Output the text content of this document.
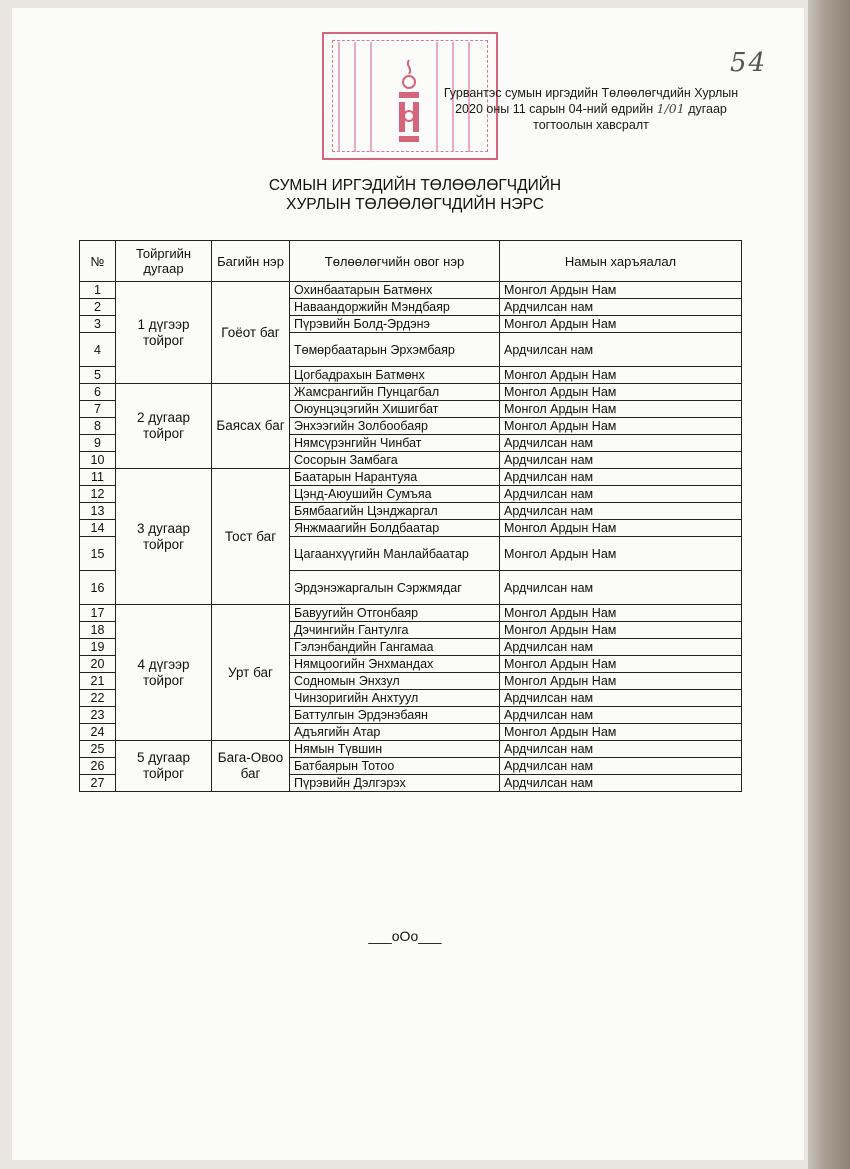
54
Гурвантэс сумын иргэдийн Төлөөлөгчдийн Хурлын
2020 оны 11 сарын 04-ний өдрийн 1/01 дугаар
тогтоолын хавсралт
СУМЫН ИРГЭДИЙН ТӨЛӨӨЛӨГЧДИЙН
ХУРЛЫН ТӨЛӨӨЛӨГЧДИЙН НЭРС
№	Тойргийн дугаар	Багийн нэр	Төлөөлөгчийн овог нэр	Намын харъяалал
1	1 дүгээр тойрог	Гоёот баг	Охинбаатарын Батмөнх	Монгол Ардын Нам
2			Наваандоржийн Мэндбаяр	Ардчилсан нам
3			Пүрэвийн Болд-Эрдэнэ	Монгол Ардын Нам
4			Төмөрбаатарын Эрхэмбаяр	Ардчилсан нам
5			Цогбадрахын Батмөнх	Монгол Ардын Нам
6	2 дугаар тойрог	Баясах баг	Жамсрангийн Пунцагбал	Монгол Ардын Нам
7			Оюунцэцэгийн Хишигбат	Монгол Ардын Нам
8			Энхээгийн Золбообаяр	Монгол Ардын Нам
9			Нямсүрэнгийн Чинбат	Ардчилсан нам
10			Сосорын Замбага	Ардчилсан нам
11	3 дугаар тойрог	Тост баг	Баатарын Нарантуяа	Ардчилсан нам
12			Цэнд-Аюушийн Сумъяа	Ардчилсан нам
13			Бямбаагийн Цэнджаргал	Ардчилсан нам
14			Янжмаагийн Болдбаатар	Монгол Ардын Нам
15			Цагаанхүүгийн Манлайбаатар	Монгол Ардын Нам
16			Эрдэнэжаргалын Сэржмядаг	Ардчилсан нам
17	4 дүгээр тойрог	Урт баг	Бавуугийн Отгонбаяр	Монгол Ардын Нам
18			Дэчингийн Гантулга	Монгол Ардын Нам
19			Гэлэнбандийн Гангамаа	Ардчилсан нам
20			Нямцоогийн Энхмандах	Монгол Ардын Нам
21			Содномын Энхзул	Монгол Ардын Нам
22			Чинзоригийн Анхтуул	Ардчилсан нам
23			Баттулгын Эрдэнэбаян	Ардчилсан нам
24			Адъягийн Атар	Монгол Ардын Нам
25	5 дугаар тойрог	Бага-Овоо баг	Нямын Түвшин	Ардчилсан нам
26			Батбаярын Тотоо	Ардчилсан нам
27			Пүрэвийн Дэлгэрэх	Ардчилсан нам
___oOo___
